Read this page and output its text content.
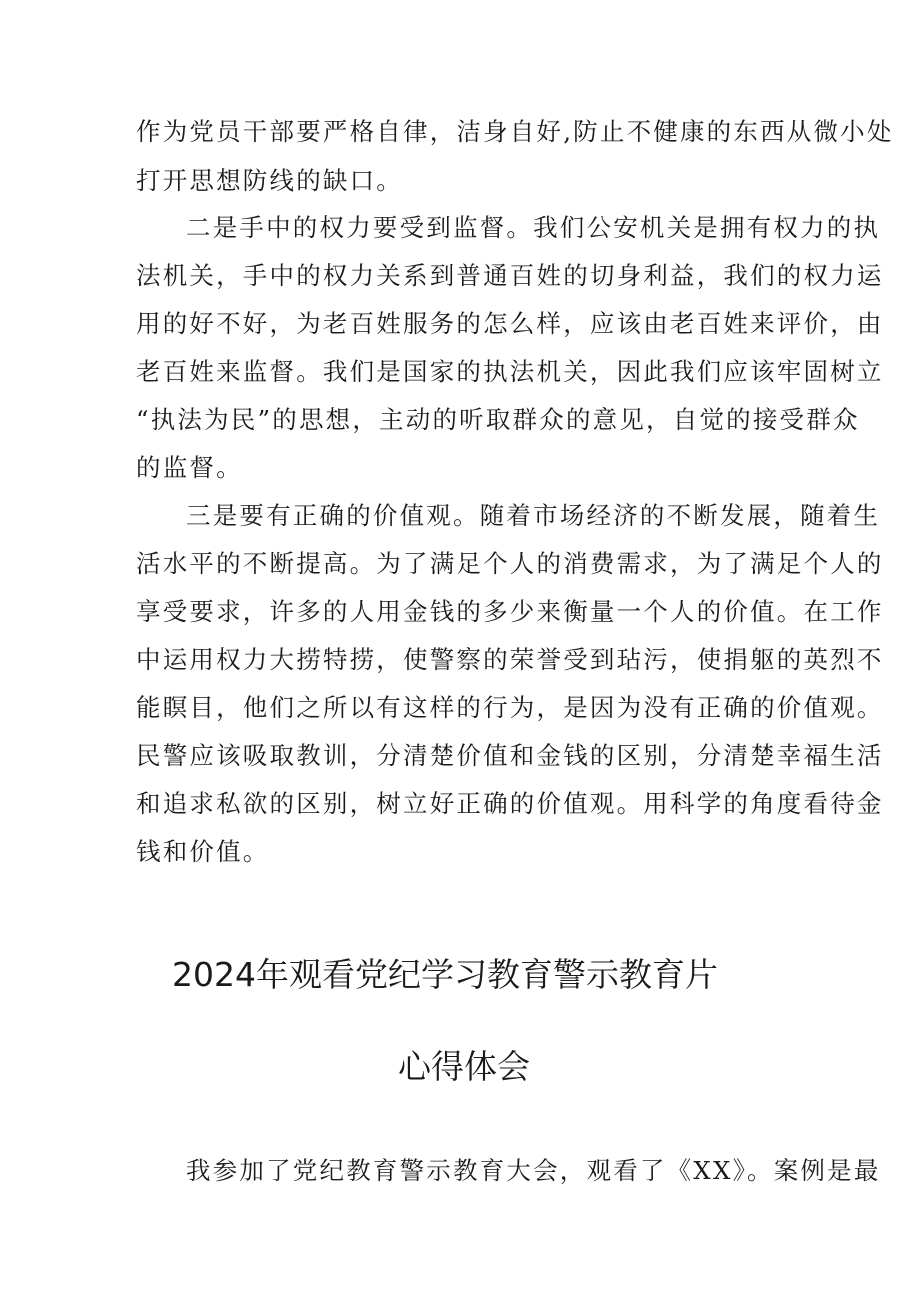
作为党员干部要严格自律，洁身自好,防止不健康的东西从微小处

打开思想防线的缺口。

二是手中的权力要受到监督。我们公安机关是拥有权力的执

法机关，手中的权力关系到普通百姓的切身利益，我们的权力运

用的好不好，为老百姓服务的怎么样，应该由老百姓来评价，由

老百姓来监督。我们是国家的执法机关，因此我们应该牢固树立

“执法为民”的思想，主动的听取群众的意见，自觉的接受群众

的监督。

三是要有正确的价值观。随着市场经济的不断发展，随着生

活水平的不断提高。为了满足个人的消费需求，为了满足个人的

享受要求，许多的人用金钱的多少来衡量一个人的价值。在工作

中运用权力大捞特捞，使警察的荣誉受到玷污，使捐躯的英烈不

能瞑目，他们之所以有这样的行为，是因为没有正确的价值观。

民警应该吸取教训，分清楚价值和金钱的区别，分清楚幸福生活

和追求私欲的区别，树立好正确的价值观。用科学的角度看待金

钱和价值。

2024年观看党纪学习教育警示教育片
心得体会

我参加了党纪教育警示教育大会，观看了《XX》。案例是最
